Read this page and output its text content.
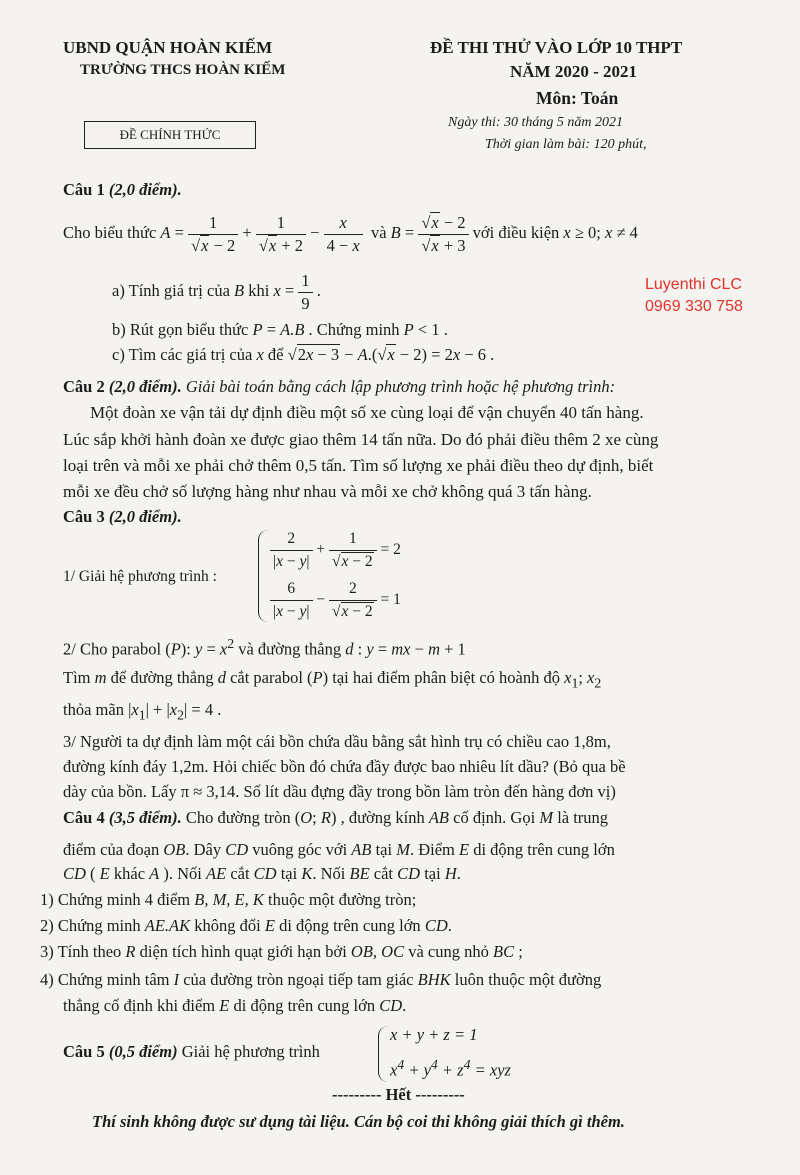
UBND QUẬN HOÀN KIẾM
TRƯỜNG THCS HOÀN KIẾM
ĐỀ CHÍNH THỨC
ĐỀ THI THỬ VÀO LỚP 10 THPT
NĂM 2020 - 2021
Môn: Toán
Ngày thi: 30 tháng 5 năm 2021
Thời gian làm bài: 120 phút,
Câu 1 (2,0 điểm).
Cho biểu thức $A = \frac{1}{√x - 2} + \frac{1}{√x + 2} - \frac{x}{4 - x}$ và $B = \frac{√x - 2}{√x + 3}$ với điều kiện x ≥ 0; x ≠ 4
a) Tính giá trị của B khi $x = \frac{1}{9}$ .	Luyenthi CLC
0969 330 758
b) Rút gọn biểu thức P = A.B . Chứng minh P < 1 .
c) Tìm các giá trị của x để √2x − 3 − A.(√x − 2) = 2x − 6 .
Câu 2 (2,0 điểm). Giải bài toán bằng cách lập phương trình hoặc hệ phương trình:
Một đoàn xe vận tải dự định điều một số xe cùng loại để vận chuyển 40 tấn hàng.
Lúc sắp khởi hành đoàn xe được giao thêm 14 tấn nữa. Do đó phải điều thêm 2 xe cùng
loại trên và mỗi xe phải chở thêm 0,5 tấn. Tìm số lượng xe phải điều theo dự định, biết
mỗi xe đều chở số lượng hàng như nhau và mỗi xe chở không quá 3 tấn hàng.
Câu 3 (2,0 điểm).
1/ Giải hệ phương trình :
$\frac{2}{|x - y|} + \frac{1}{√x - 2} = 2$
$\frac{6}{|x - y|} - \frac{2}{√x - 2} = 1$
2/ Cho parabol (P): $y = x^2$ và đường thẳng d : y = mx − m + 1
Tìm m để đường thẳng d cắt parabol (P) tại hai điểm phân biệt có hoành độ $x_1$; $x_2$
thỏa mãn $|x_1| + |x_2| = 4$ .
3/ Người ta dự định làm một cái bồn chứa dầu bằng sắt hình trụ có chiều cao 1,8m,
đường kính đáy 1,2m. Hỏi chiếc bồn đó chứa đầy được bao nhiêu lít dầu? (Bỏ qua bề
dày của bồn. Lấy π ≈ 3,14. Số lít dầu đựng đầy trong bồn làm tròn đến hàng đơn vị)
Câu 4 (3,5 điểm). Cho đường tròn (O; R) , đường kính AB cố định. Gọi M là trung
điểm của đoạn OB. Dây CD vuông góc với AB tại M. Điểm E di động trên cung lớn
CD ( E khác A ). Nối AE cắt CD tại K. Nối BE cắt CD tại H.
1) Chứng minh 4 điểm B, M, E, K thuộc một đường tròn;
2) Chứng minh AE.AK không đổi E di động trên cung lớn CD.
3) Tính theo R diện tích hình quạt giới hạn bởi OB, OC và cung nhỏ BC ;
4) Chứng minh tâm I của đường tròn ngoại tiếp tam giác BHK luôn thuộc một đường
thẳng cố định khi điểm E di động trên cung lớn CD.
Câu 5 (0,5 điểm) Giải hệ phương trình
x + y + z = 1
$x^4 + y^4 + z^4$ = xyz
--------- Hết ---------
Thí sinh không được sư dụng tài liệu. Cán bộ coi thi không giải thích gì thêm.
